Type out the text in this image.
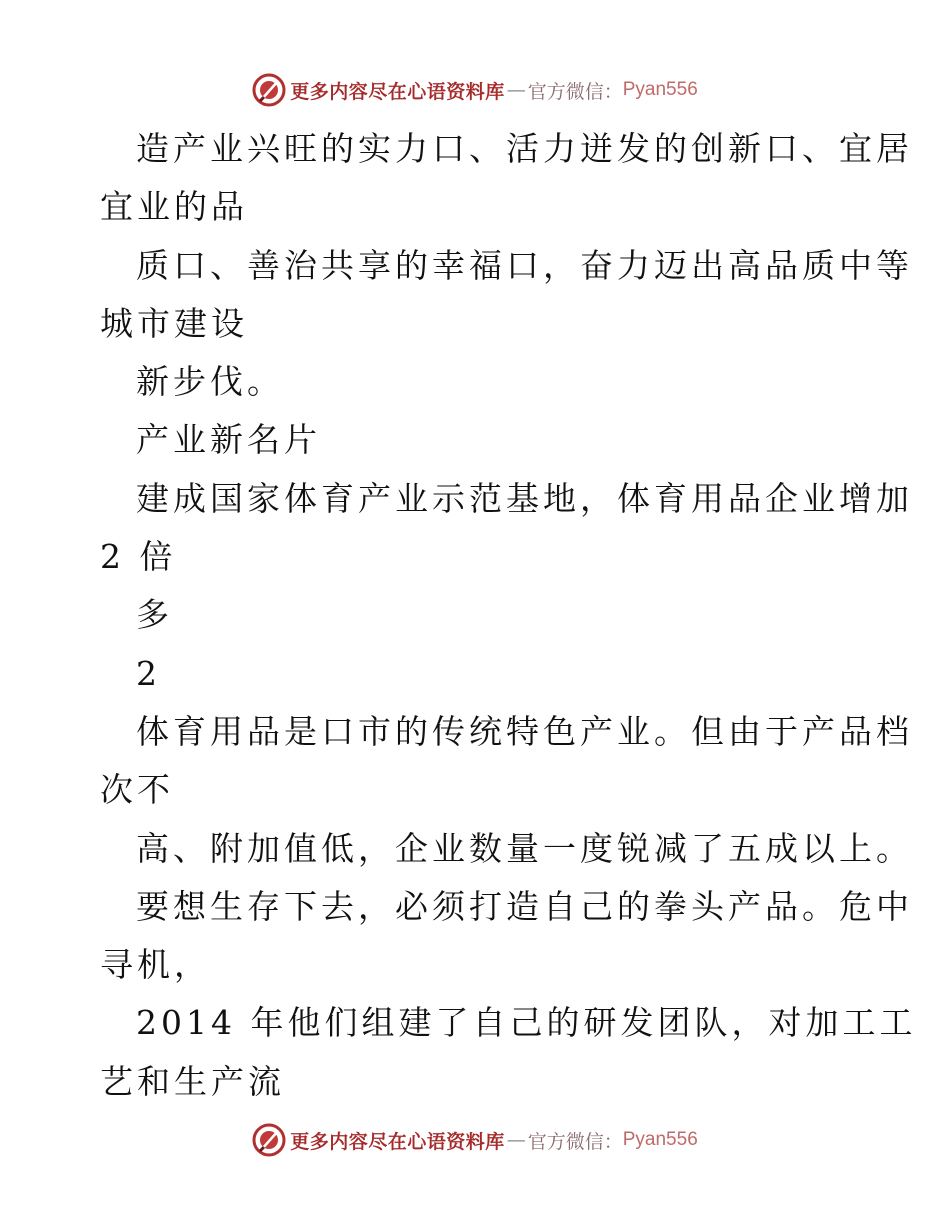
更多内容尽在心语资料库 — 官方微信： Pyan556
造产业兴旺的实力口、活力迸发的创新口、宜居
宜业的品
质口、善治共享的幸福口，奋力迈出高品质中等
城市建设
新步伐。
产业新名片
建成国家体育产业示范基地，体育用品企业增加
2 倍
多
2
体育用品是口市的传统特色产业。但由于产品档
次不
高、附加值低，企业数量一度锐减了五成以上。
要想生存下去，必须打造自己的拳头产品。危中
寻机，
2014 年他们组建了自己的研发团队，对加工工
艺和生产流
更多内容尽在心语资料库 — 官方微信： Pyan556
